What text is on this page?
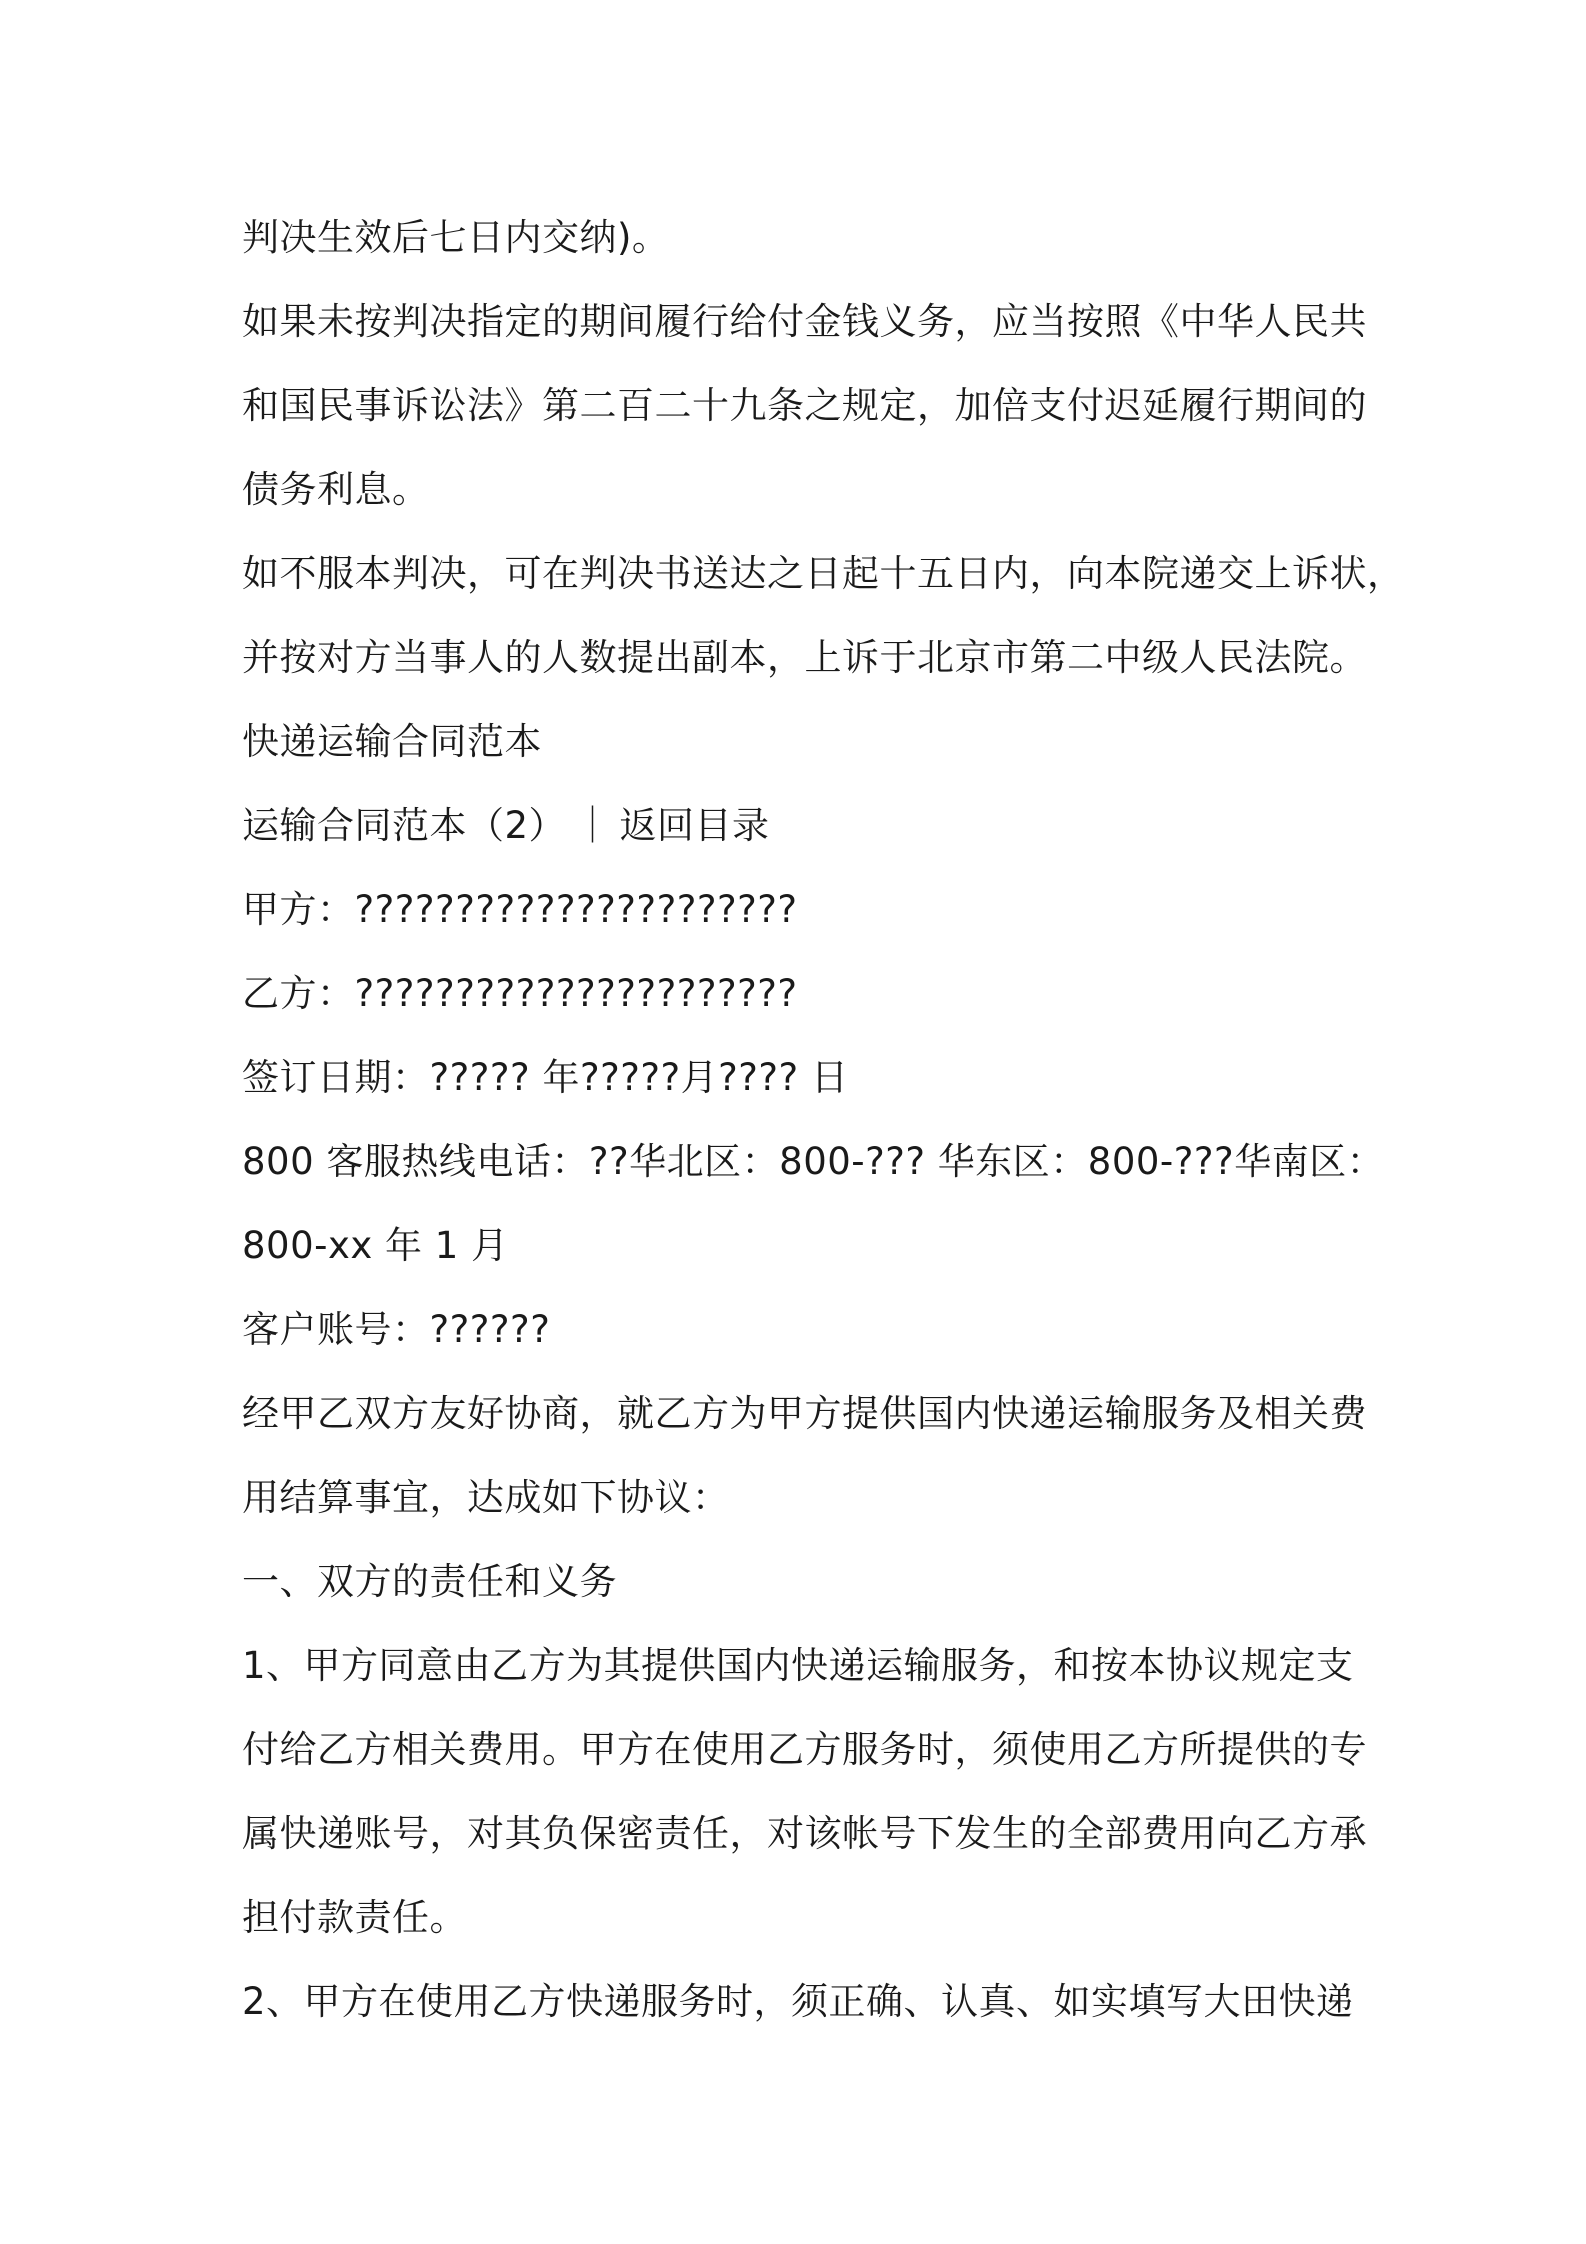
判决生效后七日内交纳)。
如果未按判决指定的期间履行给付金钱义务，应当按照《中华人民共
和国民事诉讼法》第二百二十九条之规定，加倍支付迟延履行期间的
债务利息。
如不服本判决，可在判决书送达之日起十五日内，向本院递交上诉状，
并按对方当事人的人数提出副本，上诉于北京市第二中级人民法院。
快递运输合同范本
运输合同范本（2） ｜ 返回目录
甲方：??????????????????????
乙方：??????????????????????
签订日期：????? 年?????月???? 日
800 客服热线电话：??华北区：800-??? 华东区：800-???华南区：
800-xx 年 1 月
客户账号：??????
经甲乙双方友好协商，就乙方为甲方提供国内快递运输服务及相关费
用结算事宜，达成如下协议：
一、双方的责任和义务
1、甲方同意由乙方为其提供国内快递运输服务，和按本协议规定支
付给乙方相关费用。甲方在使用乙方服务时，须使用乙方所提供的专
属快递账号，对其负保密责任，对该帐号下发生的全部费用向乙方承
担付款责任。
2、甲方在使用乙方快递服务时，须正确、认真、如实填写大田快递
